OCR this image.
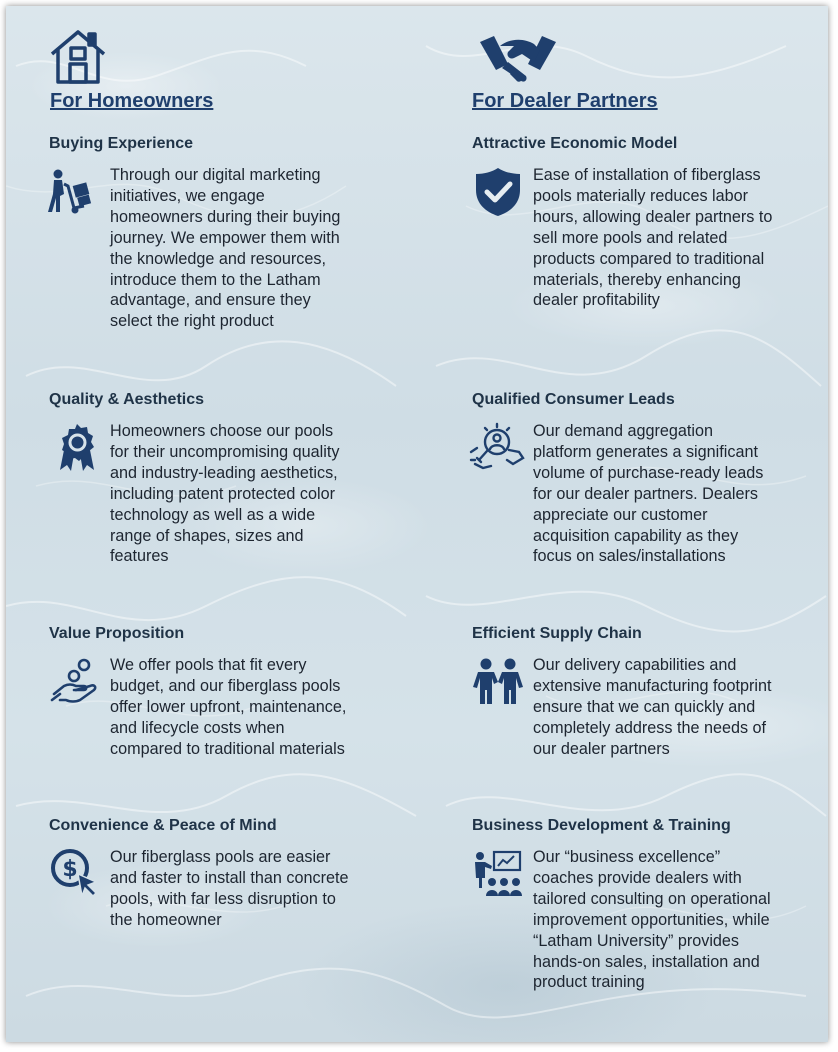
For Homeowners	For Dealer Partners
Buying Experience
Through our digital marketing initiatives, we engage homeowners during their buying journey. We empower them with the knowledge and resources, introduce them to the Latham advantage, and ensure they select the right product
Quality & Aesthetics
Homeowners choose our pools for their uncompromising quality and industry-leading aesthetics, including patent protected color technology as well as a wide range of shapes, sizes and features
Value Proposition
We offer pools that fit every budget, and our fiberglass pools offer lower upfront, maintenance, and lifecycle costs when compared to traditional materials
Convenience & Peace of Mind
$ Our fiberglass pools are easier and faster to install than concrete pools, with far less disruption to the homeowner
Attractive Economic Model
Ease of installation of fiberglass pools materially reduces labor hours, allowing dealer partners to sell more pools and related products compared to traditional materials, thereby enhancing dealer profitability
Qualified Consumer Leads
Our demand aggregation platform generates a significant volume of purchase-ready leads for our dealer partners. Dealers appreciate our customer acquisition capability as they focus on sales/installations
Efficient Supply Chain
Our delivery capabilities and extensive manufacturing footprint ensure that we can quickly and completely address the needs of our dealer partners
Business Development & Training
Our “business excellence” coaches provide dealers with tailored consulting on operational improvement opportunities, while “Latham University” provides hands-on sales, installation and product training
